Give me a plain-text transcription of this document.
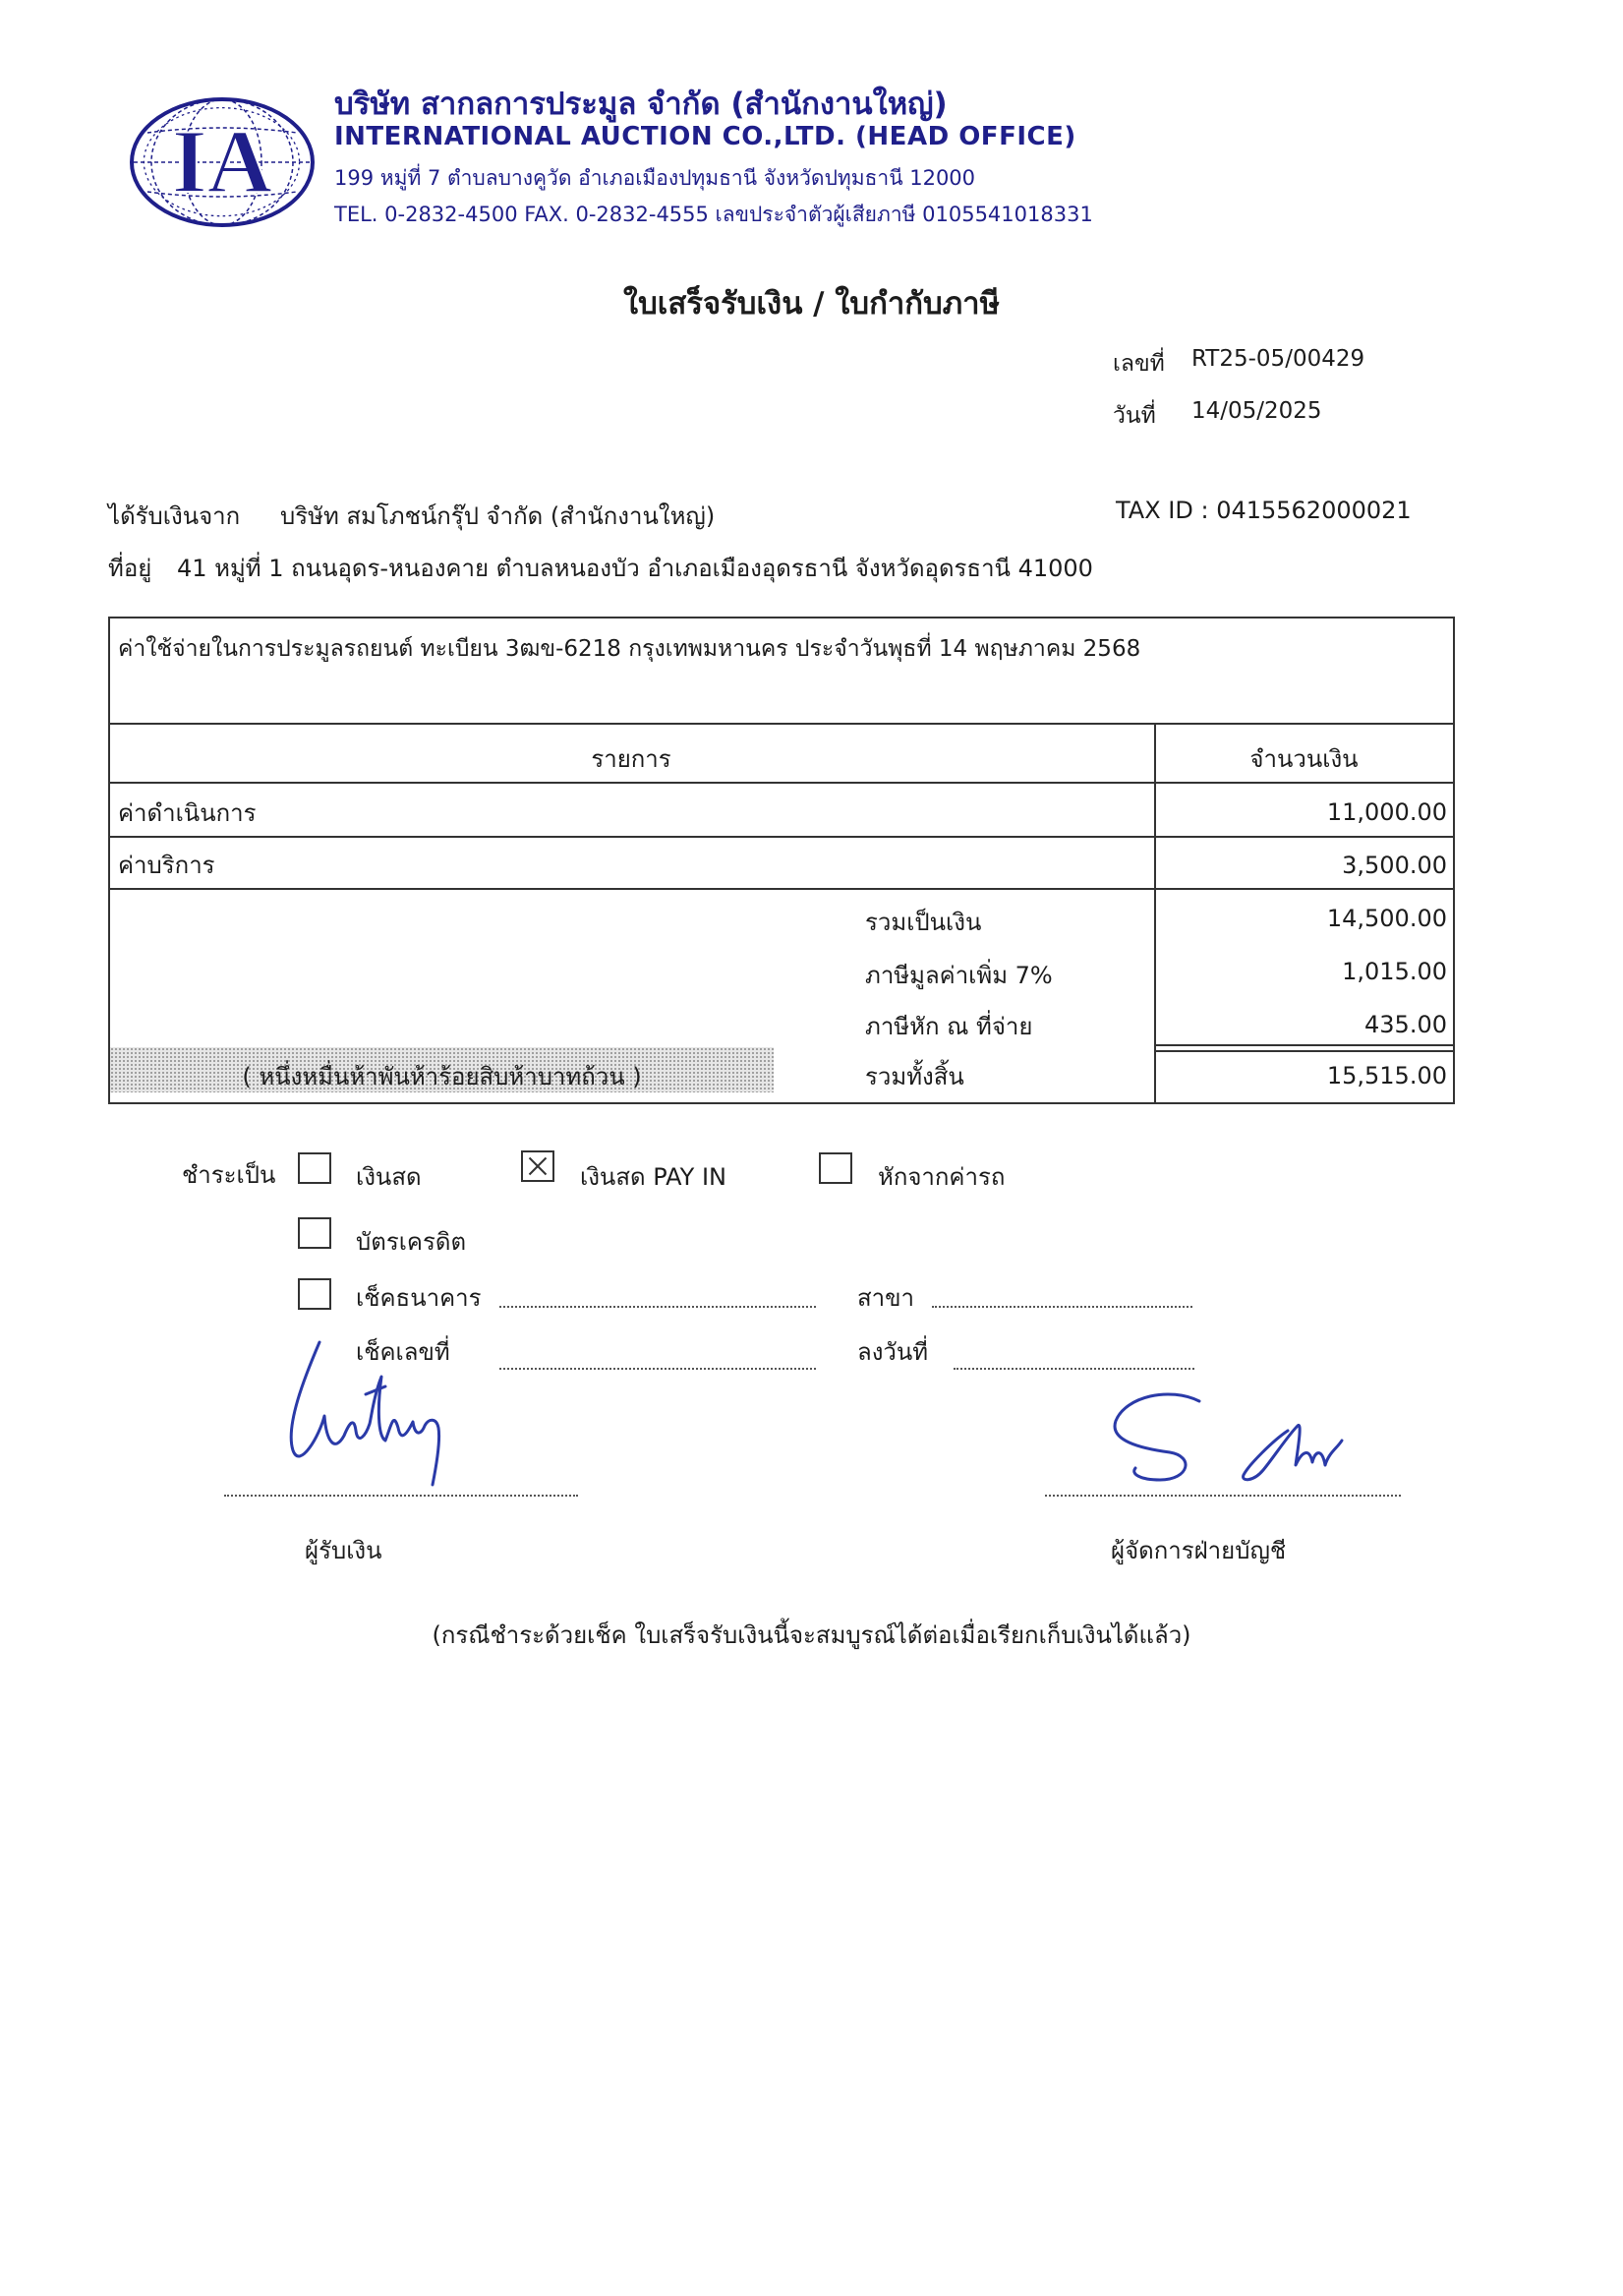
IA
บริษัท สากลการประมูล จำกัด (สำนักงานใหญ่)
INTERNATIONAL AUCTION CO.,LTD. (HEAD OFFICE)
199 หมู่ที่ 7 ตำบลบางคูวัด อำเภอเมืองปทุมธานี จังหวัดปทุมธานี 12000
TEL. 0-2832-4500 FAX. 0-2832-4555 เลขประจำตัวผู้เสียภาษี 0105541018331
ใบเสร็จรับเงิน / ใบกำกับภาษี
เลขที่ RT25-05/00429
วันที่ 14/05/2025
ได้รับเงินจาก บริษัท สมโภชน์กรุ๊ป จำกัด (สำนักงานใหญ่)	TAX ID : 0415562000021
ที่อยู่ 41 หมู่ที่ 1 ถนนอุดร-หนองคาย ตำบลหนองบัว อำเภอเมืองอุดรธานี จังหวัดอุดรธานี 41000
ค่าใช้จ่ายในการประมูลรถยนต์ ทะเบียน 3ฒข-6218 กรุงเทพมหานคร ประจำวันพุธที่ 14 พฤษภาคม 2568
รายการ	จำนวนเงิน
ค่าดำเนินการ	11,000.00
ค่าบริการ	3,500.00
รวมเป็นเงิน	14,500.00
ภาษีมูลค่าเพิ่ม 7%	1,015.00
ภาษีหัก ณ ที่จ่าย	435.00
( หนึ่งหมื่นห้าพันห้าร้อยสิบห้าบาทถ้วน )	รวมทั้งสิ้น	15,515.00
ชำระเป็น	เงินสด	เงินสด PAY IN	หักจากค่ารถ
บัตรเครดิต
เช็คธนาคาร	สาขา
เช็คเลขที่	ลงวันที่
ผู้รับเงิน	ผู้จัดการฝ่ายบัญชี
(กรณีชำระด้วยเช็ค ใบเสร็จรับเงินนี้จะสมบูรณ์ได้ต่อเมื่อเรียกเก็บเงินได้แล้ว)
